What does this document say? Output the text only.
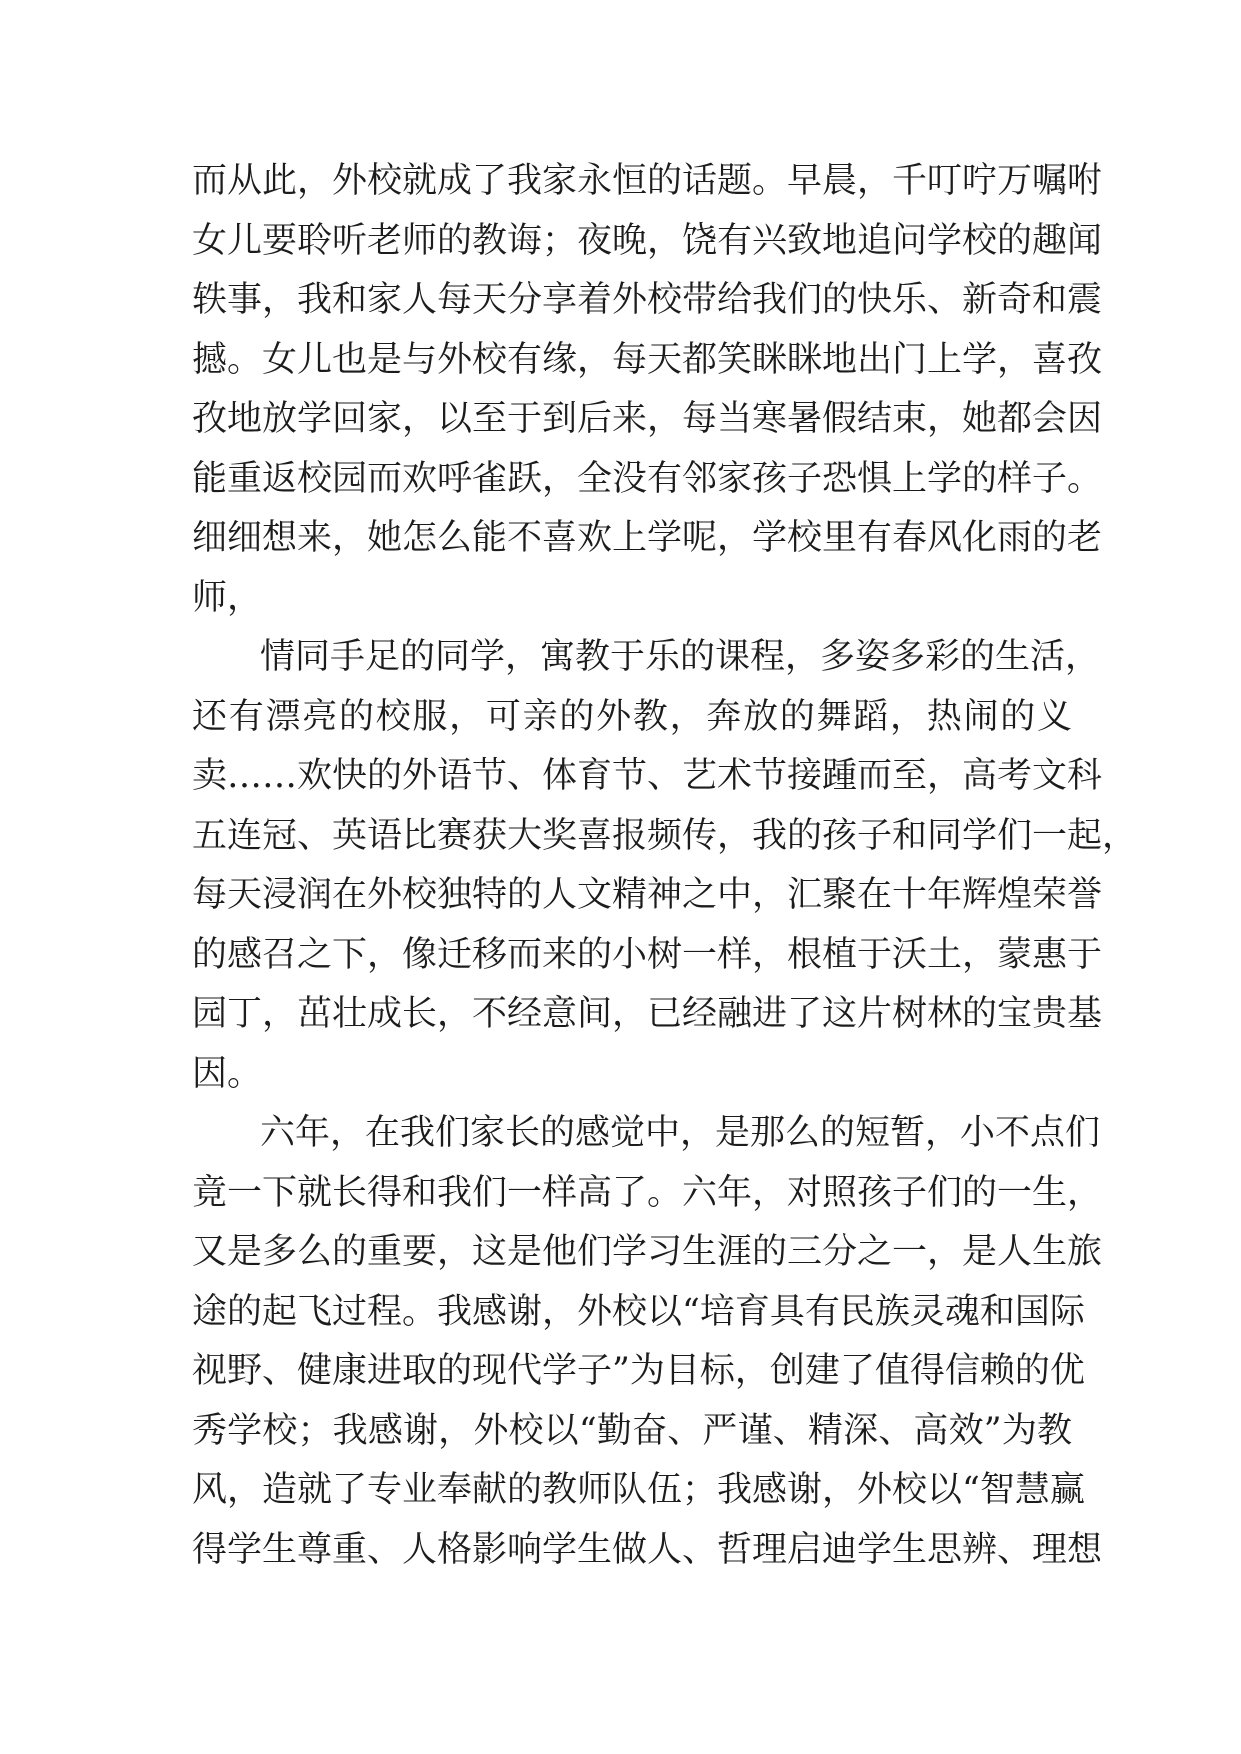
而从此，外校就成了我家永恒的话题。早晨，千叮咛万嘱咐
女儿要聆听老师的教诲；夜晚，饶有兴致地追问学校的趣闻
轶事，我和家人每天分享着外校带给我们的快乐、新奇和震
撼。女儿也是与外校有缘，每天都笑眯眯地出门上学，喜孜
孜地放学回家，以至于到后来，每当寒暑假结束，她都会因
能重返校园而欢呼雀跃，全没有邻家孩子恐惧上学的样子。
细细想来，她怎么能不喜欢上学呢，学校里有春风化雨的老
师，
情同手足的同学，寓教于乐的课程，多姿多彩的生活，
还有漂亮的校服，可亲的外教，奔放的舞蹈，热闹的义
卖……欢快的外语节、体育节、艺术节接踵而至，高考文科
五连冠、英语比赛获大奖喜报频传，我的孩子和同学们一起，
每天浸润在外校独特的人文精神之中，汇聚在十年辉煌荣誉
的感召之下，像迁移而来的小树一样，根植于沃土，蒙惠于
园丁，茁壮成长，不经意间，已经融进了这片树林的宝贵基
因。
六年，在我们家长的感觉中，是那么的短暂，小不点们
竟一下就长得和我们一样高了。六年，对照孩子们的一生，
又是多么的重要，这是他们学习生涯的三分之一，是人生旅
途的起飞过程。我感谢，外校以“培育具有民族灵魂和国际
视野、健康进取的现代学子”为目标，创建了值得信赖的优
秀学校；我感谢，外校以“勤奋、严谨、精深、高效”为教
风，造就了专业奉献的教师队伍；我感谢，外校以“智慧赢
得学生尊重、人格影响学生做人、哲理启迪学生思辨、理想
